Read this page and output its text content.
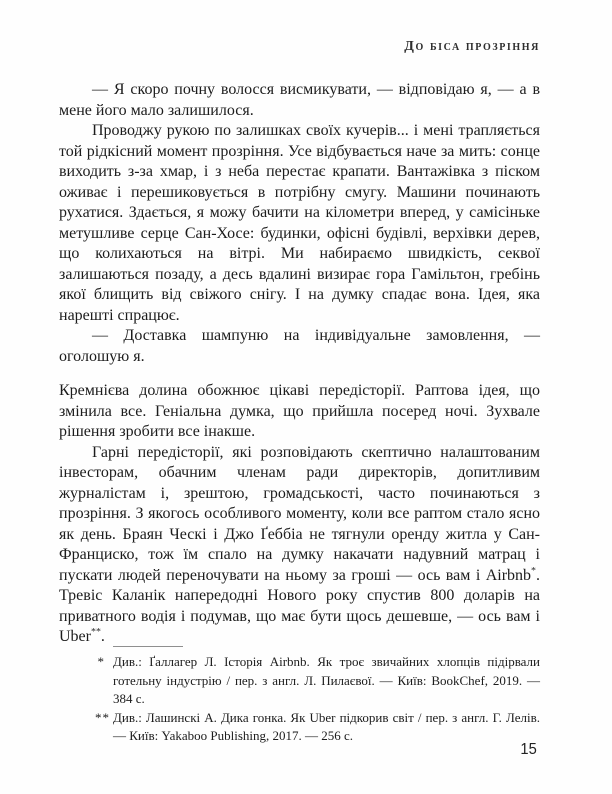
До біса прозріння

— Я скоро почну волосся висмикувати, — відповідаю я, — а в мене його мало залишилося.

Проводжу рукою по залишках своїх кучерів... і мені трапляється той рідкісний момент прозріння. Усе відбувається наче за мить: сонце виходить з-за хмар, і з неба перестає крапати. Вантажівка з піском оживає і перешиковується в потрібну смугу. Машини починають рухатися. Здається, я можу бачити на кілометри вперед, у самісіньке метушливе серце Сан-Хосе: будинки, офісні будівлі, верхівки дерев, що колихаються на вітрі. Ми набираємо швидкість, секвої залишаються позаду, а десь вдалині визирає гора Гамільтон, гребінь якої блищить від свіжого снігу. І на думку спадає вона. Ідея, яка нарешті спрацює.

— Доставка шампуню на індивідуальне замовлення, — оголошую я.

Кремнієва долина обожнює цікаві передісторії. Раптова ідея, що змінила все. Геніальна думка, що прийшла посеред ночі. Зухвале рішення зробити все інакше.

Гарні передісторії, які розповідають скептично налаштованим інвесторам, обачним членам ради директорів, допитливим журналістам і, зрештою, громадськості, часто починаються з прозріння. З якогось особливого моменту, коли все раптом стало ясно як день. Браян Ческі і Джо Ґеббіа не тягнули оренду житла у Сан-Франциско, тож їм спало на думку накачати надувний матрац і пускати людей переночувати на ньому за гроші — ось вам і Airbnb*. Тревіс Каланік напередодні Нового року спустив 800 доларів на приватного водія і подумав, що має бути щось дешевше, — ось вам і Uber**.

* Див.: Ґаллагер Л. Історія Airbnb. Як троє звичайних хлопців підірвали готельну індустрію / пер. з англ. Л. Пилаєвої. — Київ: BookChef, 2019. — 384 с.
** Див.: Лашинскі А. Дика гонка. Як Uber підкорив світ / пер. з англ. Г. Лелів. — Київ: Yakaboo Publishing, 2017. — 256 с.
15
